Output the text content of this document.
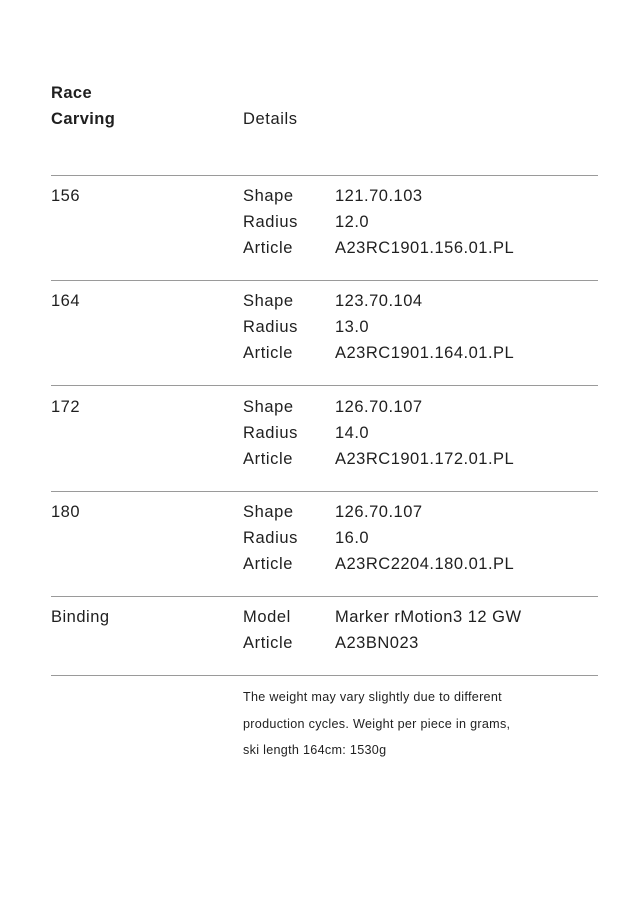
Race
Carving	Details
156	Shape	121.70.103
Radius 12.0
Article	A23RC1901.156.01.PL
164	Shape	123.70.104
Radius 13.0
Article	A23RC1901.164.01.PL
172	Shape	126.70.107
Radius 14.0
Article	A23RC1901.172.01.PL
180	Shape	126.70.107
Radius 16.0
Article	A23RC2204.180.01.PL
Binding	Model	Marker rMotion3 12 GW
Article	A23BN023
The weight may vary slightly due to different
production cycles. Weight per piece in grams,
ski length 164cm: 1530g
